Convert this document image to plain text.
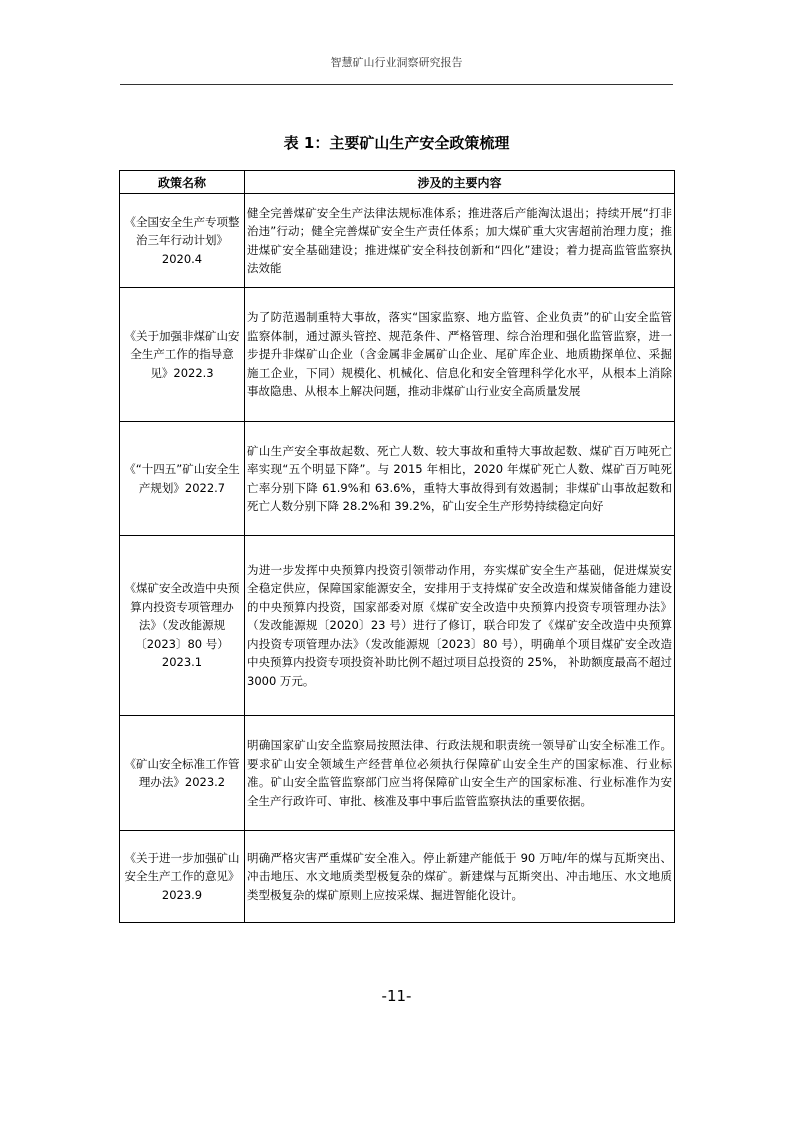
智慧矿山行业洞察研究报告
表 1：主要矿山生产安全政策梳理
政策名称	涉及的主要内容
《全国安全生产专项整治三年行动计划》2020.4	健全完善煤矿安全生产法律法规标准体系；推进落后产能淘汰退出；持续开展“打非治违”行动；健全完善煤矿安全生产责任体系；加大煤矿重大灾害超前治理力度；推进煤矿安全基础建设；推进煤矿安全科技创新和“四化”建设；着力提高监管监察执法效能
《关于加强非煤矿山安全生产工作的指导意见》2022.3	为了防范遏制重特大事故，落实“国家监察、地方监管、企业负责”的矿山安全监管监察体制，通过源头管控、规范条件、严格管理、综合治理和强化监管监察，进一步提升非煤矿山企业（含金属非金属矿山企业、尾矿库企业、地质勘探单位、采掘施工企业，下同）规模化、机械化、信息化和安全管理科学化水平，从根本上消除事故隐患、从根本上解决问题，推动非煤矿山行业安全高质量发展
《“十四五”矿山安全生产规划》2022.7	矿山生产安全事故起数、死亡人数、较大事故和重特大事故起数、煤矿百万吨死亡率实现“五个明显下降”。与 2015 年相比，2020 年煤矿死亡人数、煤矿百万吨死亡率分别下降 61.9%和 63.6%，重特大事故得到有效遏制；非煤矿山事故起数和死亡人数分别下降 28.2%和 39.2%，矿山安全生产形势持续稳定向好
《煤矿安全改造中央预算内投资专项管理办法》（发改能源规〔2023〕80 号）2023.1	为进一步发挥中央预算内投资引领带动作用，夯实煤矿安全生产基础，促进煤炭安全稳定供应，保障国家能源安全，安排用于支持煤矿安全改造和煤炭储备能力建设的中央预算内投资，国家部委对原《煤矿安全改造中央预算内投资专项管理办法》（发改能源规〔2020〕23 号）进行了修订，联合印发了《煤矿安全改造中央预算内投资专项管理办法》（发改能源规〔2023〕80 号），明确单个项目煤矿安全改造中央预算内投资专项投资补助比例不超过项目总投资的 25%， 补助额度最高不超过 3000 万元。
《矿山安全标准工作管理办法》2023.2	明确国家矿山安全监察局按照法律、行政法规和职责统一领导矿山安全标准工作。要求矿山安全领域生产经营单位必须执行保障矿山安全生产的国家标准、行业标准。矿山安全监管监察部门应当将保障矿山安全生产的国家标准、行业标准作为安全生产行政许可、审批、核准及事中事后监管监察执法的重要依据。
《关于进一步加强矿山安全生产工作的意见》2023.9	明确严格灾害严重煤矿安全准入。停止新建产能低于 90 万吨/年的煤与瓦斯突出、冲击地压、水文地质类型极复杂的煤矿。新建煤与瓦斯突出、冲击地压、水文地质类型极复杂的煤矿原则上应按采煤、掘进智能化设计。
-11-
